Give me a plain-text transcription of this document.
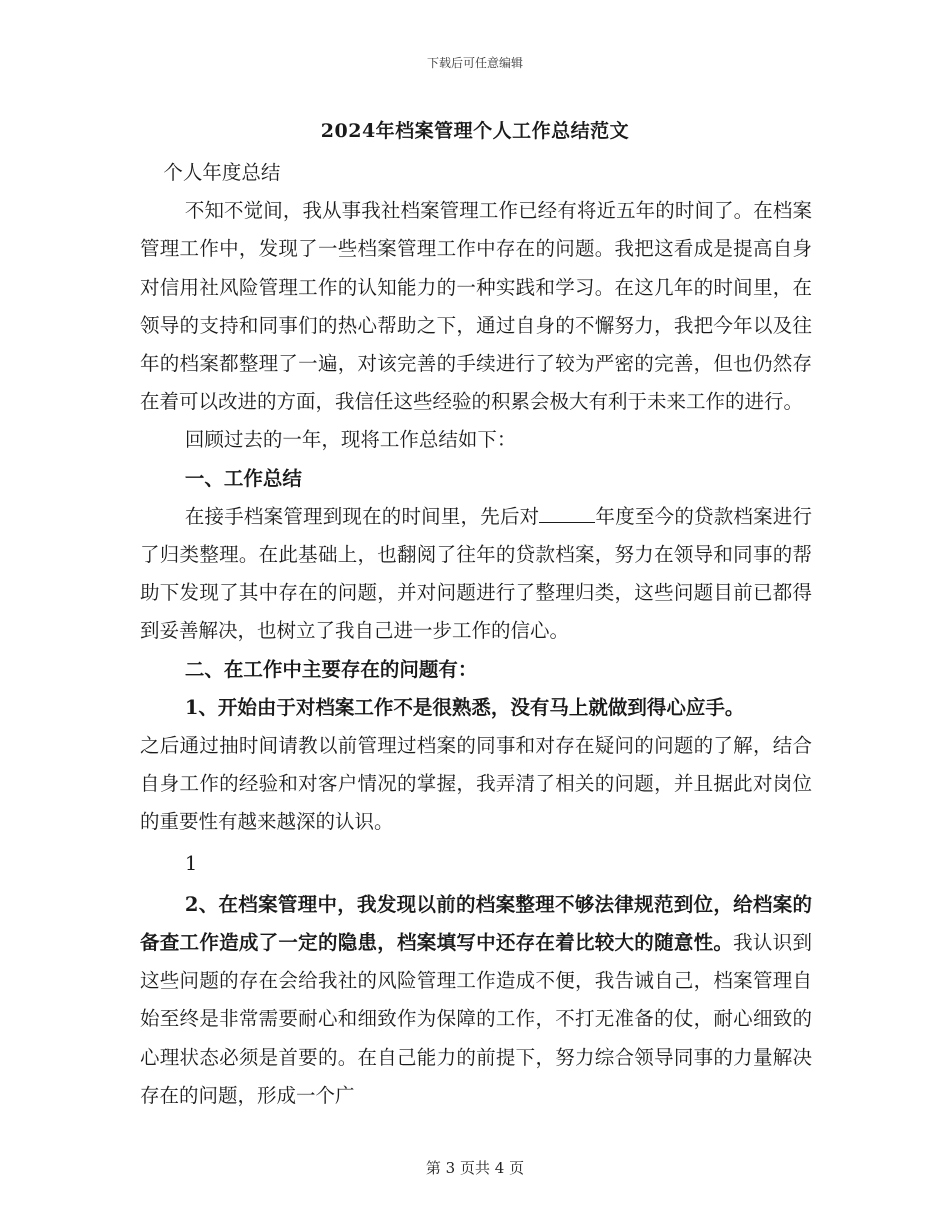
下载后可任意编辑
2024年档案管理个人工作总结范文

个人年度总结

不知不觉间，我从事我社档案管理工作已经有将近五年的时间了。在档案管理工作中，发现了一些档案管理工作中存在的问题。我把这看成是提高自身对信用社风险管理工作的认知能力的一种实践和学习。在这几年的时间里，在领导的支持和同事们的热心帮助之下，通过自身的不懈努力，我把今年以及往年的档案都整理了一遍，对该完善的手续进行了较为严密的完善，但也仍然存在着可以改进的方面，我信任这些经验的积累会极大有利于未来工作的进行。

回顾过去的一年，现将工作总结如下：

一、工作总结

在接手档案管理到现在的时间里，先后对	年度至今的贷款档案进行了归类整理。在此基础上，也翻阅了往年的贷款档案，努力在领导和同事的帮助下发现了其中存在的问题，并对问题进行了整理归类，这些问题目前已都得到妥善解决，也树立了我自己进一步工作的信心。

二、在工作中主要存在的问题有：

1、开始由于对档案工作不是很熟悉，没有马上就做到得心应手。

之后通过抽时间请教以前管理过档案的同事和对存在疑问的问题的了解，结合自身工作的经验和对客户情况的掌握，我弄清了相关的问题，并且据此对岗位的重要性有越来越深的认识。

1

2、在档案管理中，我发现以前的档案整理不够法律规范到位，给档案的备查工作造成了一定的隐患，档案填写中还存在着比较大的随意性。我认识到这些问题的存在会给我社的风险管理工作造成不便，我告诫自己，档案管理自始至终是非常需要耐心和细致作为保障的工作，不打无准备的仗，耐心细致的心理状态必须是首要的。在自己能力的前提下，努力综合领导同事的力量解决存在的问题，形成一个广

第 3 页共 4 页
